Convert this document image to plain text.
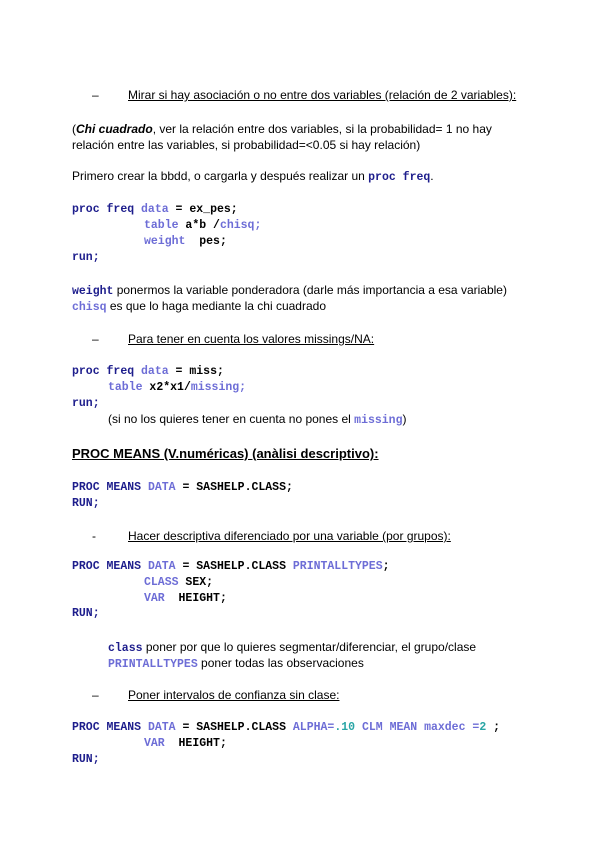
– Mirar si hay asociación o no entre dos variables (relación de 2 variables):
(Chi cuadrado, ver la relación entre dos variables, si la probabilidad= 1 no hay
relación entre las variables, si probabilidad=<0.05 si hay relación)
Primero crear la bbdd, o cargarla y después realizar un proc freq.
proc freq data = ex_pes;
table a*b /chisq;
weight pes;
run;
weight ponermos la variable ponderadora (darle más importancia a esa variable)
chisq es que lo haga mediante la chi cuadrado
– Para tener en cuenta los valores missings/NA:
proc freq data = miss;
table x2*x1/missing;
run;
(si no los quieres tener en cuenta no pones el missing)
PROC MEANS (V.numéricas) (anàlisi descriptivo):
PROC MEANS DATA = SASHELP.CLASS;
RUN;
-	Hacer descriptiva diferenciado por una variable (por grupos):
PROC MEANS DATA = SASHELP.CLASS PRINTALLTYPES;
CLASS SEX;
VAR HEIGHT;
RUN;
class poner por que lo quieres segmentar/diferenciar, el grupo/clase
PRINTALLTYPES poner todas las observaciones
– Poner intervalos de confianza sin clase:
PROC MEANS DATA = SASHELP.CLASS ALPHA=.10 CLM MEAN maxdec =2 ;
VAR HEIGHT;
RUN;
